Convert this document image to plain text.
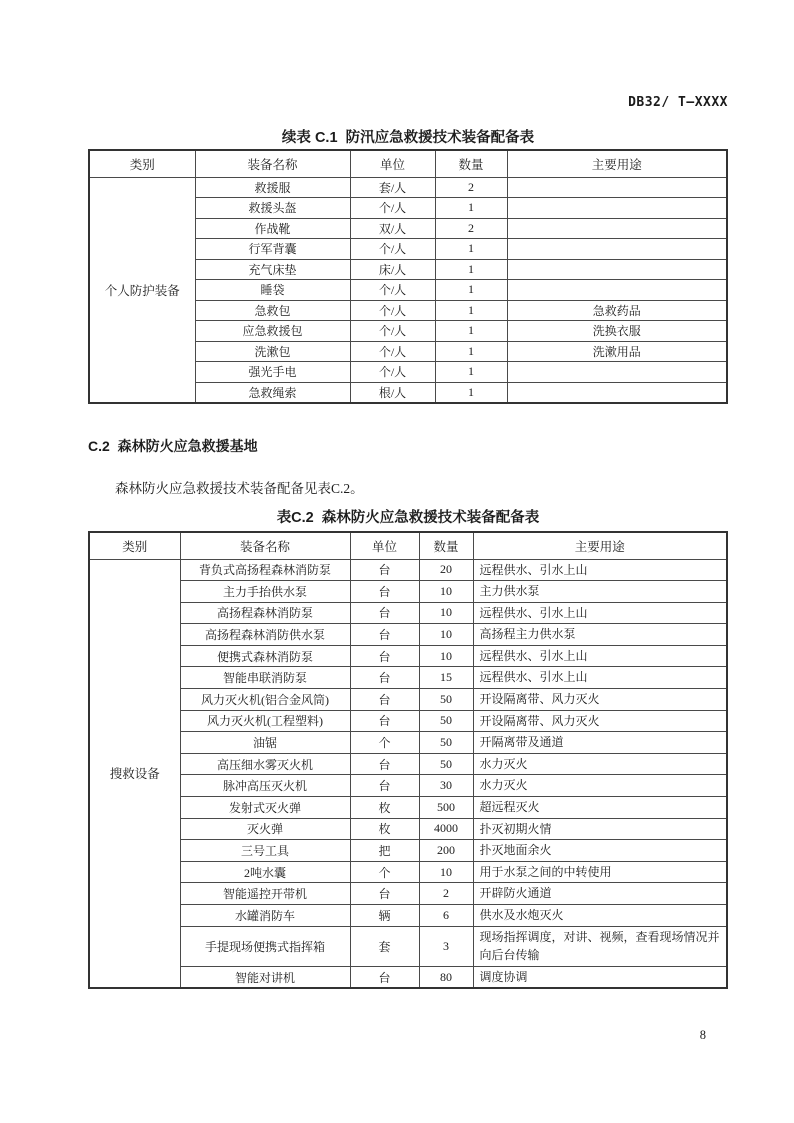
DB32/ T—XXXX
续表 C.1  防汛应急救援技术装备配备表
类别	装备名称	单位	数量	主要用途
个人防护装备	救援服	套/人	2	
	救援头盔	个/人	1	
	作战靴	双/人	2	
	行军背囊	个/人	1	
	充气床垫	床/人	1	
	睡袋	个/人	1	
	急救包	个/人	1	急救药品
	应急救援包	个/人	1	洗换衣服
	洗漱包	个/人	1	洗漱用品
	强光手电	个/人	1	
	急救绳索	根/人	1	
C.2  森林防火应急救援基地
森林防火应急救援技术装备配备见表C.2。
表C.2  森林防火应急救援技术装备配备表
类别	装备名称	单位	数量	主要用途
搜救设备	背负式高扬程森林消防泵	台	20	远程供水、引水上山
	主力手抬供水泵	台	10	主力供水泵
	高扬程森林消防泵	台	10	远程供水、引水上山
	高扬程森林消防供水泵	台	10	高扬程主力供水泵
	便携式森林消防泵	台	10	远程供水、引水上山
	智能串联消防泵	台	15	远程供水、引水上山
	风力灭火机(铝合金风筒)	台	50	开设隔离带、风力灭火
	风力灭火机(工程塑料)	台	50	开设隔离带、风力灭火
	油锯	个	50	开隔离带及通道
	高压细水雾灭火机	台	50	水力灭火
	脉冲高压灭火机	台	30	水力灭火
	发射式灭火弹	枚	500	超远程灭火
	灭火弹	枚	4000	扑灭初期火情
	三号工具	把	200	扑灭地面余火
	2吨水囊	个	10	用于水泵之间的中转使用
	智能遥控开带机	台	2	开辟防火通道
	水罐消防车	辆	6	供水及水炮灭火
	手提现场便携式指挥箱	套	3	现场指挥调度，对讲、视频，查看现场情况并向后台传输
	智能对讲机	台	80	调度协调
8
